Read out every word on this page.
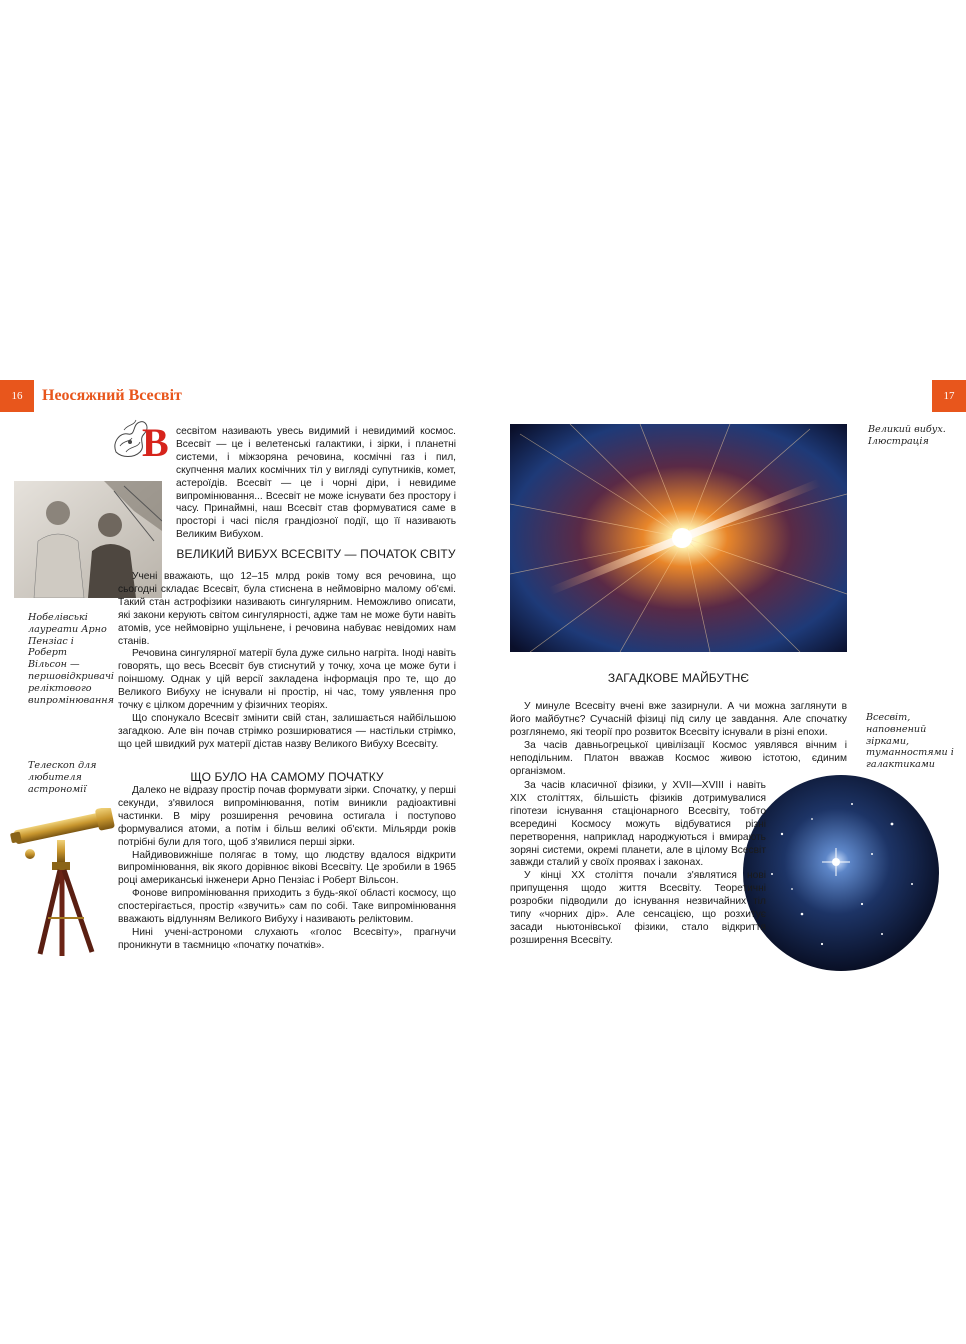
16	Неосяжний Всесвіт	17
В сесвітом називають увесь видимий і невидимий космос. Всесвіт — це і велетенські галактики, і зірки, і планетні системи, і міжзоряна речовина, космічні газ і пил, скупчення малих космічних тіл у вигляді супутників, комет, астероїдів. Всесвіт — це і чорні діри, і невидиме випромінювання... Всесвіт не може існувати без простору і часу. Принаймні, наш Всесвіт став формуватися саме в просторі і часі після грандіозної події, що її називають Великим Вибухом.

Нобелівські лауреати Арно Пензіас і Роберт Вільсон — першовідкривачі реліктового випромінювання
ВЕЛИКИЙ ВИБУХ ВСЕСВІТУ — ПОЧАТОК СВІТУ

Учені вважають, що 12–15 млрд років тому вся речовина, що сьогодні складає Всесвіт, була стиснена в неймовірно малому об'ємі. Такий стан астрофізики називають сингулярним. Неможливо описати, які закони керують світом сингулярності, адже там не може бути навіть атомів, усе неймовірно ущільнене, і речовина набуває невідомих нам станів.

Речовина сингулярної матерії була дуже сильно нагріта. Іноді навіть говорять, що весь Всесвіт був стиснутий у точку, хоча це може бути і поіншому. Однак у цій версії закладена інформація про те, що до Великого Вибуху не існували ні простір, ні час, тому уявлення про точку є цілком доречним у фізичних теоріях.

Що спонукало Всесвіт змінити свій стан, залишається найбільшою загадкою. Але він почав стрімко розширюватися — настільки стрімко, що цей швидкий рух матерії дістав назву Великого Вибуху Всесвіту.

Телескоп для любителя астрономії
ЩО БУЛО НА САМОМУ ПОЧАТКУ

Далеко не відразу простір почав формувати зірки. Спочатку, у перші секунди, з'явилося випромінювання, потім виникли радіоактивні частинки. В міру розширення речовина остигала і поступово формувалися атоми, а потім і більш великі об'єкти. Мільярди років потрібні були для того, щоб з'явилися перші зірки.

Найдивовижніше полягає в тому, що людству вдалося відкрити випромінювання, вік якого дорівнює вікові Всесвіту. Це зробили в 1965 році американські інженери Арно Пензіас і Роберт Вільсон.

Фонове випромінювання приходить з будь-якої області космосу, що спостерігається, простір «звучить» сам по собі. Таке випромінювання вважають відлунням Великого Вибуху і називають реліктовим.

Нині учені-астрономи слухають «голос Всесвіту», прагнучи проникнути в таємницю «початку початків».

Великий вибух. Ілюстрація
ЗАГАДКОВЕ МАЙБУТНЄ

У минуле Всесвіту вчені вже зазирнули. А чи можна заглянути в його майбутнє? Сучасній фізиці під силу це завдання. Але спочатку розглянемо, які теорії про розвиток Всесвіту існували в різні епохи.

За часів давньогрецької цивілізації Космос уявлявся вічним і неподільним. Платон вважав Космос живою істотою, єдиним організмом.

За часів класичної фізики, у XVII—XVIII і навіть XIX століттях, більшість фізиків дотримувалися гіпотези існування стаціонарного Всесвіту, тобто всередині Космосу можуть відбуватися різні перетворення, наприклад народжуються і вмирають зоряні системи, окремі планети, але в цілому Всесвіт завжди сталий у своїх проявах і законах.

У кінці XX століття почали з'являтися нові припущення щодо життя Всесвіту. Теоретичні розробки підводили до існування незвичайних тіл типу «чорних дір». Але сенсацією, що розхитує засади ньютонівської фізики, стало відкриття розширення Всесвіту.

Всесвіт, наповнений зірками, туманностями і галактиками
